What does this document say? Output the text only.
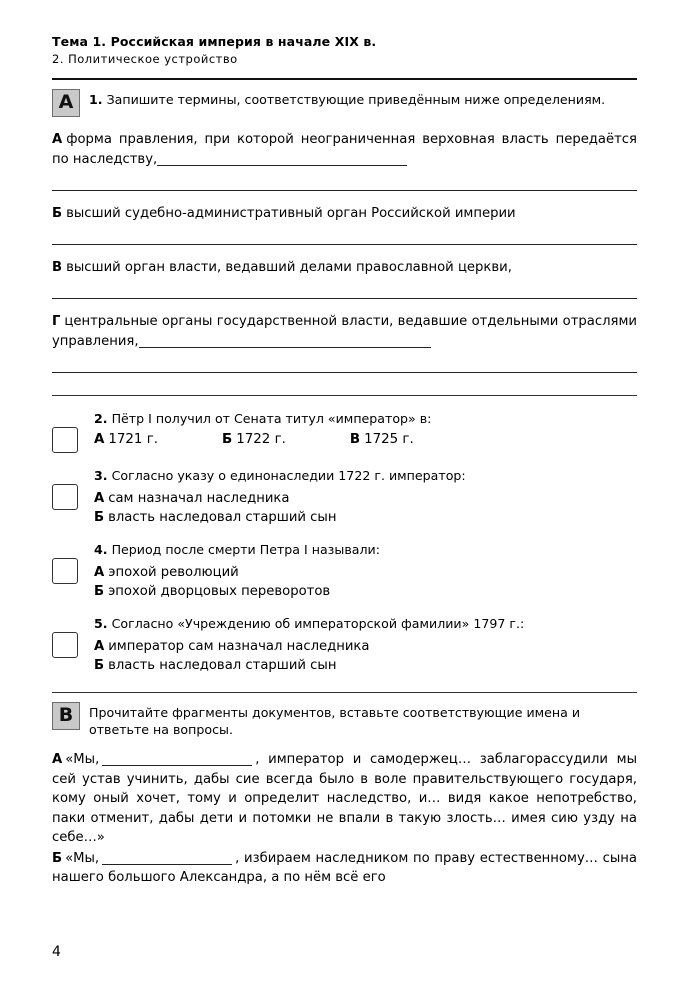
Тема 1. Российская империя в начале XIX в.
2. Политическое устройство
А	1. Запишите термины, соответствующие приведённым ниже определениям.
А форма правления, при которой неограниченная верховная власть передаётся по наследству,
Б высший судебно-административный орган Российской империи
В высший орган власти, ведавший делами православной церкви,
Г центральные органы государственной власти, ведавшие отдельными отраслями управления,
2. Пётр I получил от Сената титул «император» в:
А 1721 г.	Б 1722 г.	В 1725 г.
3. Согласно указу о единонаследии 1722 г. император:
А сам назначал наследника
Б власть наследовал старший сын
4. Период после смерти Петра I называли:
А эпохой революций
Б эпохой дворцовых переворотов
5. Согласно «Учреждению об императорской фамилии» 1797 г.:
А император сам назначал наследника
Б власть наследовал старший сын
В	Прочитайте фрагменты документов, вставьте соответствующие имена и ответьте на вопросы.

А «Мы,	, император и самодержец… заблагорассудили мы сей устав учинить, дабы сие всегда было в воле правительствующего государя, кому оный хочет, тому и определит наследство, и… видя какое непотребство, паки отменит, дабы дети и потомки не впали в такую злость… имея сию узду на себе…»

Б «Мы,	, избираем наследником по праву естественному… сына нашего большого Александра, а по нём всё его

4
